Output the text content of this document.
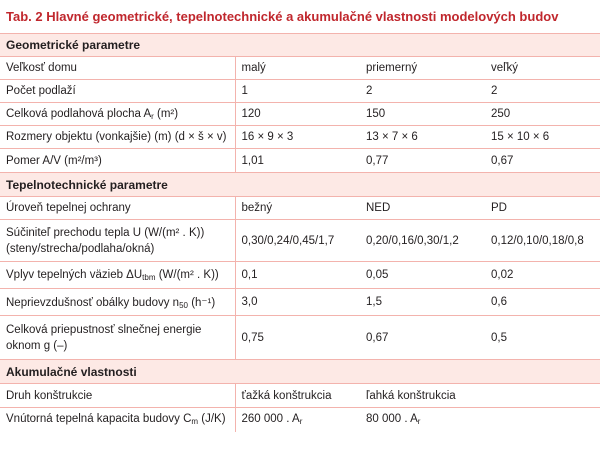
Tab. 2 Hlavné geometrické, tepelnotechnické a akumulačné vlastnosti modelových budov
Geometrické parametre			
Veľkosť domu	malý	priemerný	veľký
Počet podlaží	1	2	2
Celková podlahová plocha $A_r$ (m²)	120	150	250
Rozmery objektu (vonkajšie) (m) (d × š × v)	16 × 9 × 3	13 × 7 × 6	15 × 10 × 6
Pomer A/V (m²/m³)	1,01	0,77	0,67
Tepelnotechnické parametre			
Úroveň tepelnej ochrany	bežný	NED	PD

Súčiniteľ prechodu tepla U (W/(m² . K))
(steny/strecha/podlaha/okná)	0,30/0,24/0,45/1,7	0,20/0,16/0,30/1,2	0,12/0,10/0,18/0,8
Vplyv tepelných väzieb $\Delta U_{tbm}$ (W/(m² . K))	0,1	0,05	0,02
Neprievzdušnosť obálky budovy $n_{50}$ (h⁻¹)	3,0	1,5	0,6

Celková priepustnosť slnečnej energie
oknom g (–)	0,75	0,67	0,5
Akumulačné vlastnosti			
Druh konštrukcie	ťažká konštrukcia	ľahká konštrukcia	
Vnútorná tepelná kapacita budovy $C_m$ (J/K)	260 000 . $A_r$	80 000 . $A_r$	
